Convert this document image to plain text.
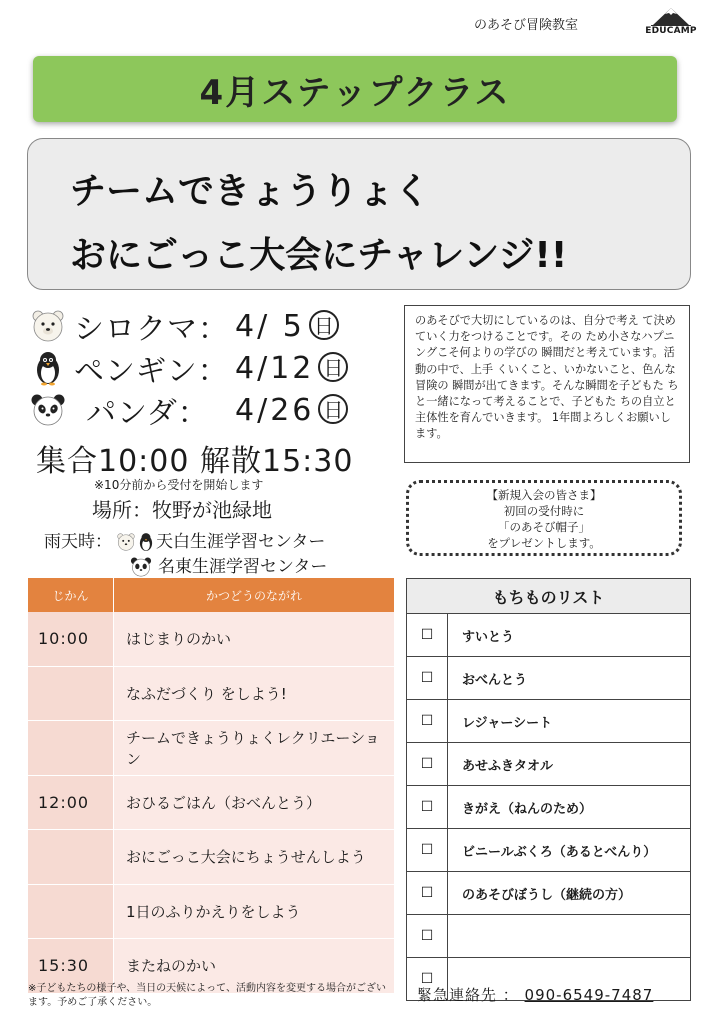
のあそび冒険教室	EDUCAMP
4月ステップクラス
チームできょうりょく
おにごっこ大会にチャレンジ!!
シロクマ： 4/ 5 日
ペンギン： 4/12 日
パンダ： 4/26 日
集合10:00 解散15:30
※10分前から受付を開始します
場所：牧野が池緑地
雨天時：	天白生涯学習センター
名東生涯学習センター
のあそびで大切にしているのは、自分で考え て決めていく力をつけることです。その ため小さなハプニングこそ何よりの学びの 瞬間だと考えています。活動の中で、上手 くいくこと、いかないこと、色んな冒険の 瞬間が出てきます。そんな瞬間を子どもた ちと一緒になって考えることで、子どもた ちの自立と主体性を育んでいきます。 1年間よろしくお願いします。
【新規入会の皆さま】
初回の受付時に
「のあそび帽子」
をプレゼントします。
じかん	かつどうのながれ
10:00	はじまりのかい
	なふだづくり をしよう!
	チームできょうりょくレクリエーション
12:00	おひるごはん（おべんとう）
	おにごっこ大会にちょうせんしよう
	1日のふりかえりをしよう
15:30	またねのかい
もちものリスト	
☐	すいとう
☐	おべんとう
☐	レジャーシート
☐	あせふきタオル
☐	きがえ（ねんのため）
☐	ビニールぶくろ（あるとべんり）
☐	のあそびぼうし（継続の方）
☐	
☐	
※子どもたちの様子や、当日の天候によって、活動内容を変更する場合がございます。予めご了承ください。	緊急連絡先 ： 090-6549-7487
